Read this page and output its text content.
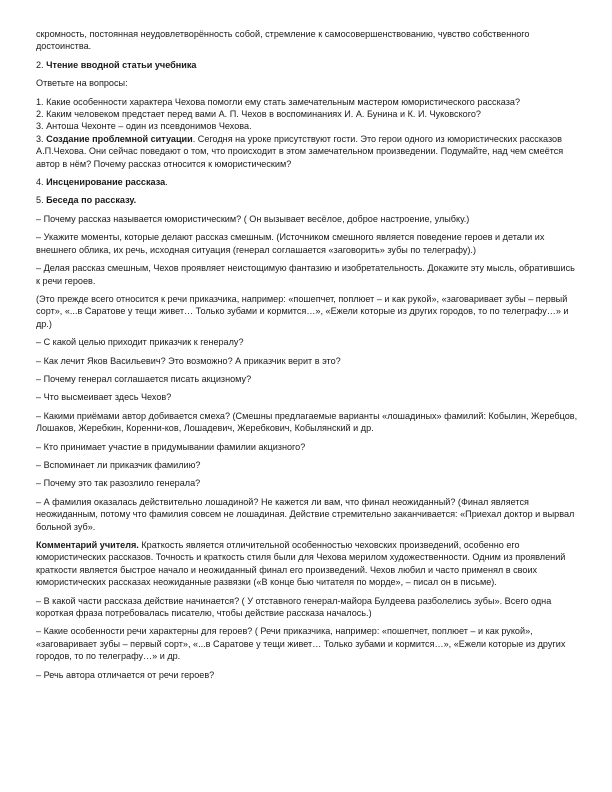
скромность, постоянная неудовлетворённость собой, стремление к самосовершенствованию, чувство собственного достоинства.

2. Чтение вводной статьи учебника

Ответьте на вопросы:

1. Какие особенности характера Чехова помогли ему стать замечательным мастером юмористического рассказа?
2. Каким человеком предстает перед вами А. П. Чехов в воспоминаниях И. А. Бунина и К. И. Чуковского?
3. Антоша Чехонте – один из псевдонимов Чехова.
3. Создание проблемной ситуации. Сегодня на уроке присутствуют гости. Это герои одного из юмористических рассказов А.П.Чехова. Они сейчас поведают о том, что происходит в этом замечательном произведении. Подумайте, над чем смеётся автор в нём? Почему рассказ относится к юмористическим?

4. Инсценирование рассказа.

5. Беседа по рассказу.

– Почему рассказ называется юмористическим? ( Он вызывает весёлое, доброе настроение, улыбку.)

– Укажите моменты, которые делают рассказ смешным. (Источником смешного является поведение героев и детали их внешнего облика, их речь, исходная ситуация (генерал соглашается «заговорить» зубы по телеграфу).)

– Делая рассказ смешным, Чехов проявляет неистощимую фантазию и изобретательность. Докажите эту мысль, обратившись к речи героев.

(Это прежде всего относится к речи приказчика, например: «пошепчет, поплюет – и как рукой», «заговаривает зубы – первый сорт», «...в Саратове у тещи живет… Только зубами и кормится…», «Ежели которые из других городов, то по телеграфу…» и др.)

– С какой целью приходит приказчик к генералу?

– Как лечит Яков Васильевич? Это возможно? А приказчик верит в это?

– Почему генерал соглашается писать акцизному?

– Что высмеивает здесь Чехов?

– Какими приёмами автор добивается смеха? (Смешны предлагаемые варианты «лошадиных» фамилий: Кобылин, Жеребцов, Лошаков, Жеребкин, Коренни-ков, Лошадевич, Жеребкович, Кобылянский и др.

– Кто принимает участие в придумывании фамилии акцизного?

– Вспоминает ли приказчик фамилию?

– Почему это так разозлило генерала?

– А фамилия оказалась действительно лошадиной? Не кажется ли вам, что финал неожиданный? (Финал является неожиданным, потому что фамилия совсем не лошадиная. Действие стремительно заканчивается: «Приехал доктор и вырвал больной зуб».

Комментарий учителя. Краткость является отличительной особенностью чеховских произведений, особенно его юмористических рассказов. Точность и краткость стиля были для Чехова мерилом художественности. Одним из проявлений краткости является быстрое начало и неожиданный финал его произведений. Чехов любил и часто применял в своих юмористических рассказах неожиданные развязки («В конце бью читателя по морде», – писал он в письме).

– В какой части рассказа действие начинается? ( У отставного генерал-майора Булдеева разболелись зубы». Всего одна короткая фраза потребовалась писателю, чтобы действие рассказа началось.)

– Какие особенности речи характерны для героев? ( Речи приказчика, например: «пошепчет, поплюет – и как рукой», «заговаривает зубы – первый сорт», «...в Саратове у тещи живет… Только зубами и кормится…», «Ежели которые из других городов, то по телеграфу…» и др.

– Речь автора отличается от речи героев?
